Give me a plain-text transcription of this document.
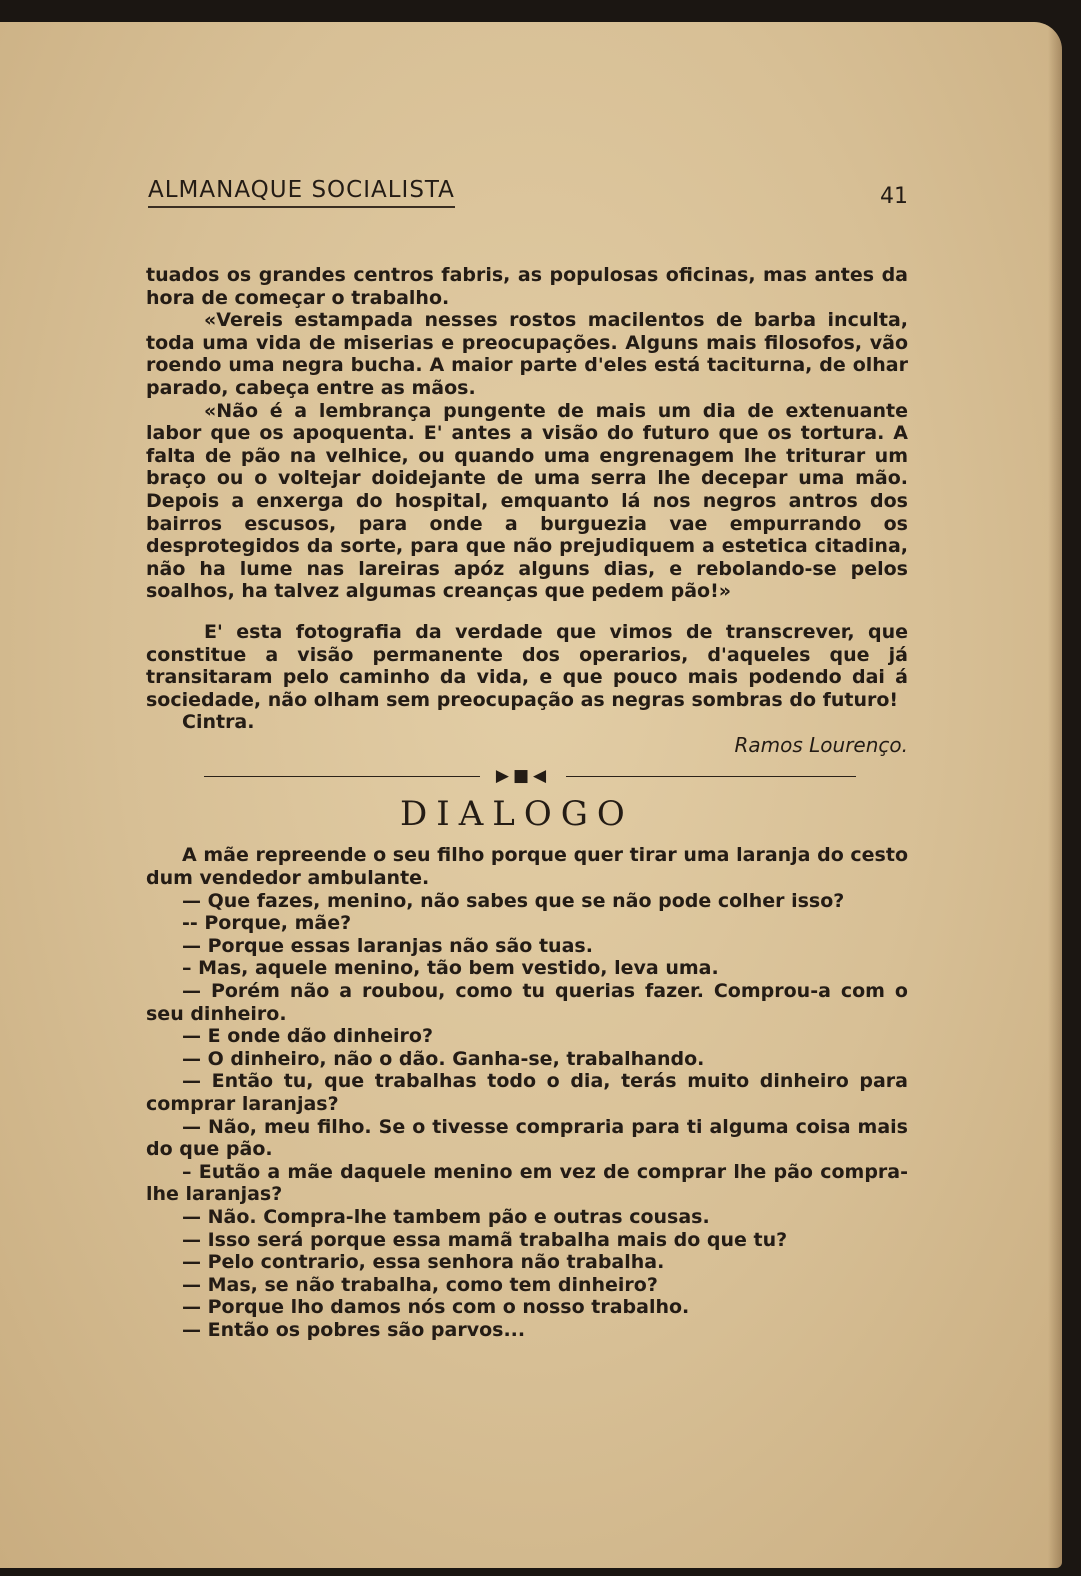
ALMANAQUE SOCIALISTA	41

tuados os grandes centros fabris, as populosas oficinas, mas antes da hora de começar o trabalho.

«Vereis estampada nesses rostos macilentos de barba inculta, toda uma vida de miserias e preocupações. Alguns mais filosofos, vão roendo uma negra bucha. A maior parte d'eles está taciturna, de olhar parado, cabeça entre as mãos.

«Não é a lembrança pungente de mais um dia de extenuante labor que os apoquenta. E' antes a visão do futuro que os tortura. A falta de pão na velhice, ou quando uma engrenagem lhe triturar um braço ou o voltejar doidejante de uma serra lhe decepar uma mão. Depois a enxerga do hospital, emquanto lá nos negros antros dos bairros escusos, para onde a burguezia vae empurrando os desprotegidos da sorte, para que não prejudiquem a estetica citadina, não ha lume nas lareiras apóz alguns dias, e rebolando-se pelos soalhos, ha talvez algumas creanças que pedem pão!»

E' esta fotografia da verdade que vimos de transcrever, que constitue a visão permanente dos operarios, d'aqueles que já transitaram pelo caminho da vida, e que pouco mais podendo dai á sociedade, não olham sem preocupação as negras sombras do futuro!

Cintra.

Ramos Lourenço.

▶■◀
DIALOGO

A mãe repreende o seu filho porque quer tirar uma laranja do cesto dum vendedor ambulante.

— Que fazes, menino, não sabes que se não pode colher isso?

-- Porque, mãe?

— Porque essas laranjas não são tuas.

– Mas, aquele menino, tão bem vestido, leva uma.

— Porém não a roubou, como tu querias fazer. Comprou-a com o seu dinheiro.

— E onde dão dinheiro?

— O dinheiro, não o dão. Ganha-se, trabalhando.

— Então tu, que trabalhas todo o dia, terás muito dinheiro para comprar laranjas?

— Não, meu filho. Se o tivesse compraria para ti alguma coisa mais do que pão.

– Eutão a mãe daquele menino em vez de comprar lhe pão compra-lhe laranjas?

— Não. Compra-lhe tambem pão e outras cousas.

— Isso será porque essa mamã trabalha mais do que tu?

— Pelo contrario, essa senhora não trabalha.

— Mas, se não trabalha, como tem dinheiro?

— Porque lho damos nós com o nosso trabalho.

— Então os pobres são parvos...
